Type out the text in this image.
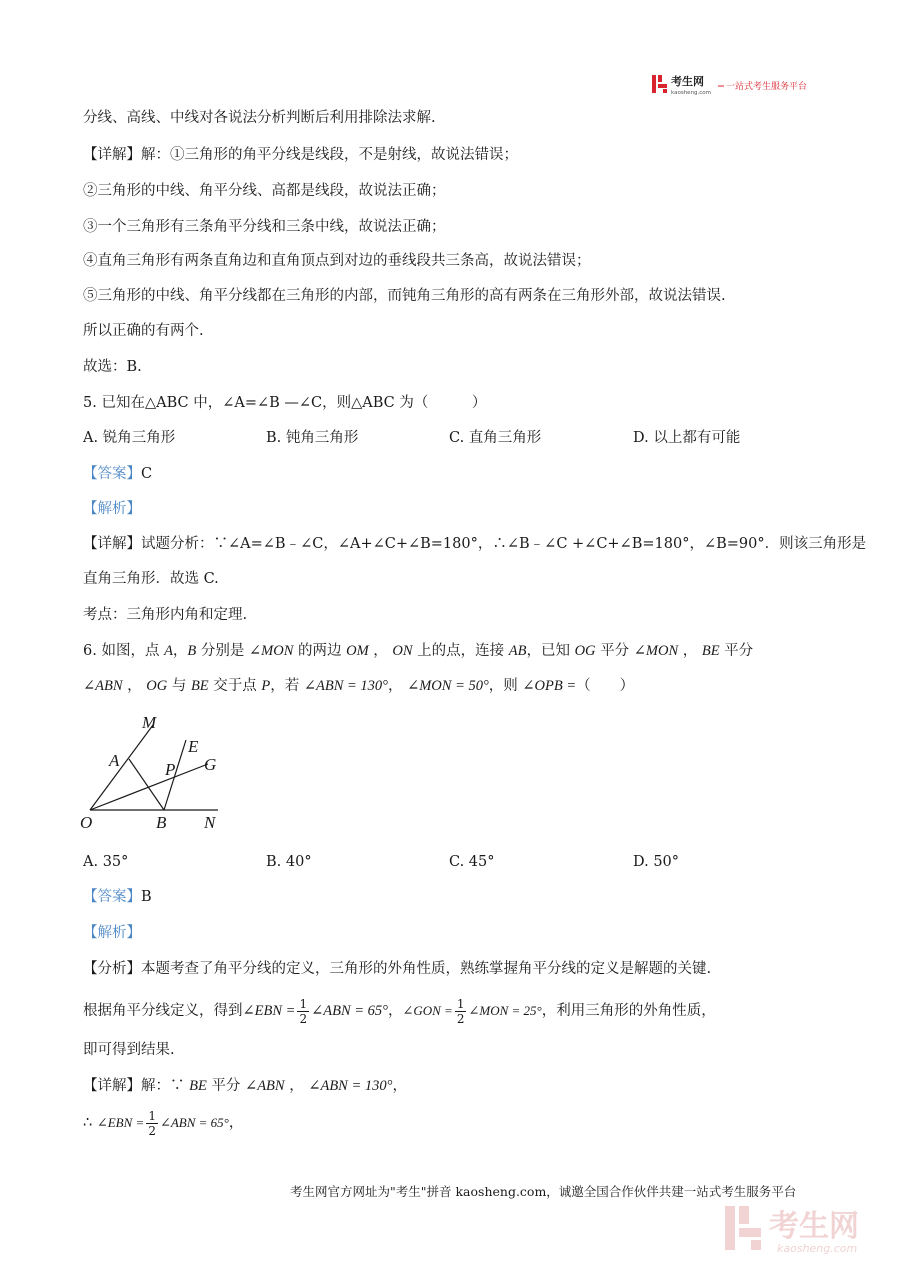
考生网
kaosheng.com
一站式考生服务平台
分线、高线、中线对各说法分析判断后利用排除法求解.
【详解】解：①三角形的角平分线是线段，不是射线，故说法错误；
②三角形的中线、角平分线、高都是线段，故说法正确；
③一个三角形有三条角平分线和三条中线，故说法正确；
④直角三角形有两条直角边和直角顶点到对边的垂线段共三条高，故说法错误；
⑤三角形的中线、角平分线都在三角形的内部，而钝角三角形的高有两条在三角形外部，故说法错误.
所以正确的有两个.
故选：B.
5. 已知在△ABC 中，∠A=∠B —∠C，则△ABC 为（　　　）
A. 锐角三角形	B. 钝角三角形	C. 直角三角形	D. 以上都有可能
【答案】C
【解析】
【详解】试题分析：∵∠A=∠B﹣∠C，∠A+∠C+∠B=180°，∴∠B﹣∠C +∠C+∠B=180°，∠B=90°．则该三角形是
直角三角形．故选 C.
考点：三角形内角和定理.
6. 如图，点 A，B 分别是 ∠MON 的两边 OM ， ON 上的点，连接 AB，已知 OG 平分 ∠MON ， BE 平分
∠ABN ， OG 与 BE 交于点 P，若 ∠ABN = 130°， ∠MON = 50°，则 ∠OPB =（　　）
M
A
E
P G
O	B N
A. 35°	B. 40°	C. 45°	D. 50°
【答案】B
【解析】
【分析】本题考查了角平分线的定义，三角形的外角性质，熟练掌握角平分线的定义是解题的关键.
根据角平分线定义，得到∠EBN = $\frac{1}{2}$ ∠ABN = 65°，∠GON = $\frac{1}{2}$ ∠MON = 25°，利用三角形的外角性质，
即可得到结果.
【详解】解：∵ BE 平分 ∠ABN ， ∠ABN = 130°，
∴ ∠EBN = $\frac{1}{2}$ ∠ABN = 65°，
考生网官方网址为"考生"拼音 kaosheng.com，诚邀全国合作伙伴共建一站式考生服务平台
考生网
kaosheng.com
